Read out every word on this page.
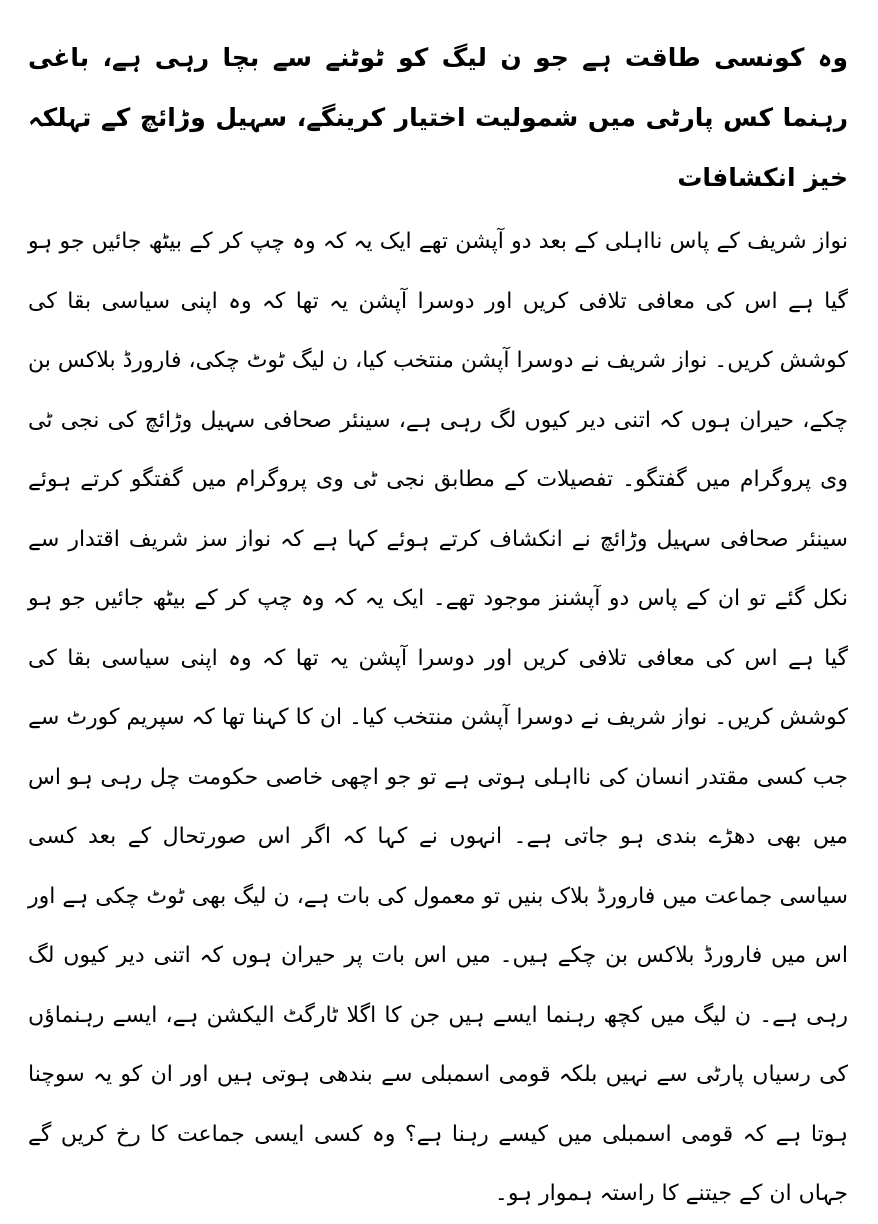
وہ کونسی طاقت ہے جو ن لیگ کو ٹوٹنے سے بچا رہی ہے، باغی رہنما کس پارٹی میں شمولیت اختیار کرینگے، سہیل وڑائچ کے تہلکہ خیز انکشافات

نواز شریف کے پاس نااہلی کے بعد دو آپشن تھے ایک یہ کہ وہ چپ کر کے بیٹھ جائیں جو ہو گیا ہے اس کی معافی تلافی کریں اور دوسرا آپشن یہ تھا کہ وہ اپنی سیاسی بقا کی کوشش کریں۔ نواز شریف نے دوسرا آپشن منتخب کیا، ن لیگ ٹوٹ چکی، فارورڈ بلاکس بن چکے، حیران ہوں کہ اتنی دیر کیوں لگ رہی ہے، سینئر صحافی سہیل وڑائچ کی نجی ٹی وی پروگرام میں گفتگو۔ تفصیلات کے مطابق نجی ٹی وی پروگرام میں گفتگو کرتے ہوئے سینئر صحافی سہیل وڑائچ نے انکشاف کرتے ہوئے کہا ہے کہ نواز سز شریف اقتدار سے نکل گئے تو ان کے پاس دو آپشنز موجود تھے۔ ایک یہ کہ وہ چپ کر کے بیٹھ جائیں جو ہو گیا ہے اس کی معافی تلافی کریں اور دوسرا آپشن یہ تھا کہ وہ اپنی سیاسی بقا کی کوشش کریں۔ نواز شریف نے دوسرا آپشن منتخب کیا۔ ان کا کہنا تھا کہ سپریم کورٹ سے جب کسی مقتدر انسان کی نااہلی ہوتی ہے تو جو اچھی خاصی حکومت چل رہی ہو اس میں بھی دھڑے بندی ہو جاتی ہے۔ انہوں نے کہا کہ اگر اس صورتحال کے بعد کسی سیاسی جماعت میں فارورڈ بلاک بنیں تو معمول کی بات ہے، ن لیگ بھی ٹوٹ چکی ہے اور اس میں فارورڈ بلاکس بن چکے ہیں۔ میں اس بات پر حیران ہوں کہ اتنی دیر کیوں لگ رہی ہے۔ ن لیگ میں کچھ رہنما ایسے ہیں جن کا اگلا ٹارگٹ الیکشن ہے، ایسے رہنماؤں کی رسیاں پارٹی سے نہیں بلکہ قومی اسمبلی سے بندھی ہوتی ہیں اور ان کو یہ سوچنا ہوتا ہے کہ قومی اسمبلی میں کیسے رہنا ہے؟ وہ کسی ایسی جماعت کا رخ کریں گے جہاں ان کے جیتنے کا راستہ ہموار ہو۔
